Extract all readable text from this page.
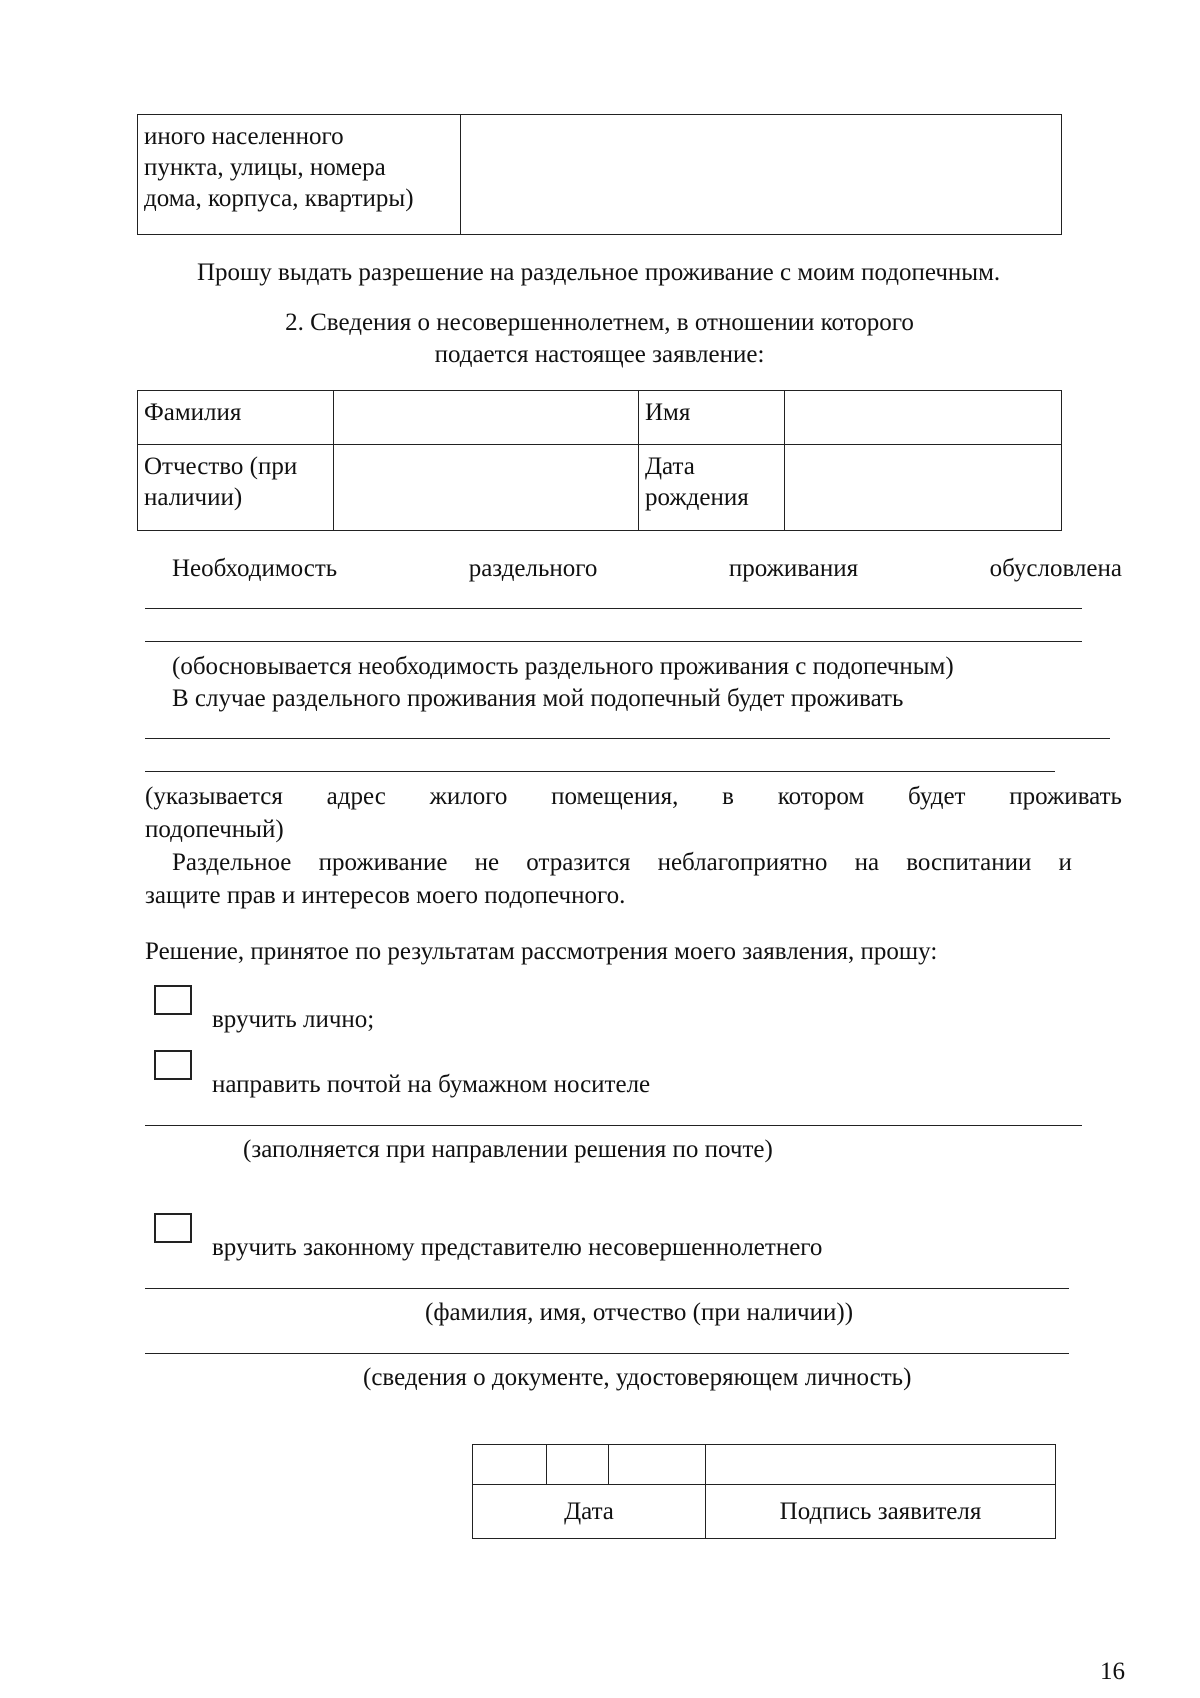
иного населенного
пункта, улицы, номера
дома, корпуса, квартиры)

Прошу выдать разрешение на раздельное проживание с моим подопечным.
2. Сведения о несовершеннолетнем, в отношении которого
подается настоящее заявление:
Фамилия		Имя	

Отчество (при
наличии)		Дата
рождения	

Необходимость	раздельного	проживания	обусловлена
(обосновывается необходимость раздельного проживания с подопечным)
В случае раздельного проживания мой подопечный будет проживать
(указывается адрес жилого помещения, в котором будет проживать
подопечный)
Раздельное проживание не отразится неблагоприятно на воспитании и
защите прав и интересов моего подопечного.
Решение, принятое по результатам рассмотрения моего заявления, прошу:
вручить лично;
направить почтой на бумажном носителе
(заполняется при направлении решения по почте)
вручить законному представителю несовершеннолетнего
(фамилия, имя, отчество (при наличии))
(сведения о документе, удостоверяющем личность)

Дата			Подпись заявителя
16
